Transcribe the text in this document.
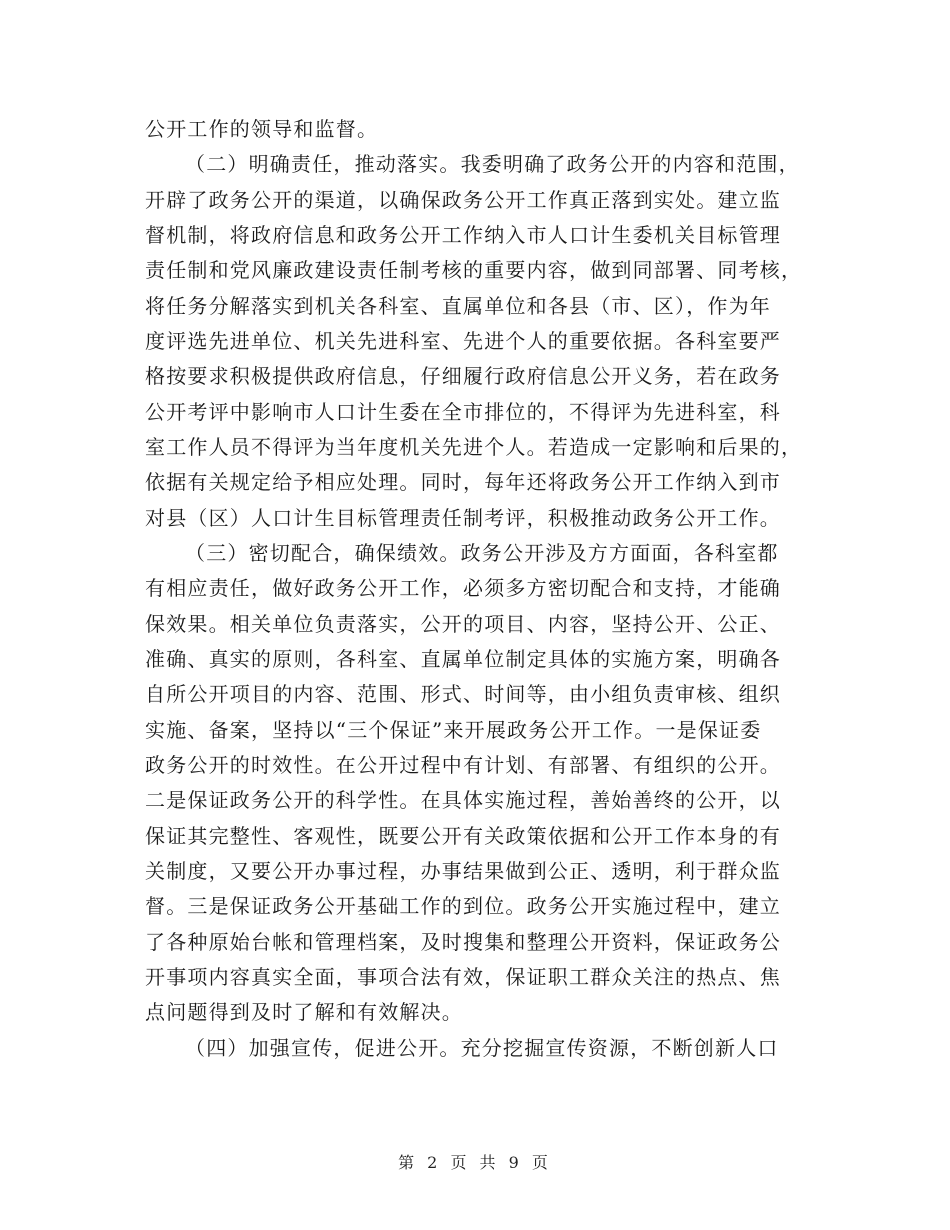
公开工作的领导和监督。
（二）明确责任，推动落实。我委明确了政务公开的内容和范围，
开辟了政务公开的渠道，以确保政务公开工作真正落到实处。建立监
督机制，将政府信息和政务公开工作纳入市人口计生委机关目标管理
责任制和党风廉政建设责任制考核的重要内容，做到同部署、同考核，
将任务分解落实到机关各科室、直属单位和各县（市、区），作为年
度评选先进单位、机关先进科室、先进个人的重要依据。各科室要严
格按要求积极提供政府信息，仔细履行政府信息公开义务，若在政务
公开考评中影响市人口计生委在全市排位的，不得评为先进科室，科
室工作人员不得评为当年度机关先进个人。若造成一定影响和后果的，
依据有关规定给予相应处理。同时，每年还将政务公开工作纳入到市
对县（区）人口计生目标管理责任制考评，积极推动政务公开工作。
（三）密切配合，确保绩效。政务公开涉及方方面面，各科室都
有相应责任，做好政务公开工作，必须多方密切配合和支持，才能确
保效果。相关单位负责落实，公开的项目、内容，坚持公开、公正、
准确、真实的原则，各科室、直属单位制定具体的实施方案，明确各
自所公开项目的内容、范围、形式、时间等，由小组负责审核、组织
实施、备案，坚持以“三个保证”来开展政务公开工作。一是保证委
政务公开的时效性。在公开过程中有计划、有部署、有组织的公开。
二是保证政务公开的科学性。在具体实施过程，善始善终的公开，以
保证其完整性、客观性，既要公开有关政策依据和公开工作本身的有
关制度，又要公开办事过程，办事结果做到公正、透明，利于群众监
督。三是保证政务公开基础工作的到位。政务公开实施过程中，建立
了各种原始台帐和管理档案，及时搜集和整理公开资料，保证政务公
开事项内容真实全面，事项合法有效，保证职工群众关注的热点、焦
点问题得到及时了解和有效解决。
（四）加强宣传，促进公开。充分挖掘宣传资源，不断创新人口
第 2 页 共 9 页
